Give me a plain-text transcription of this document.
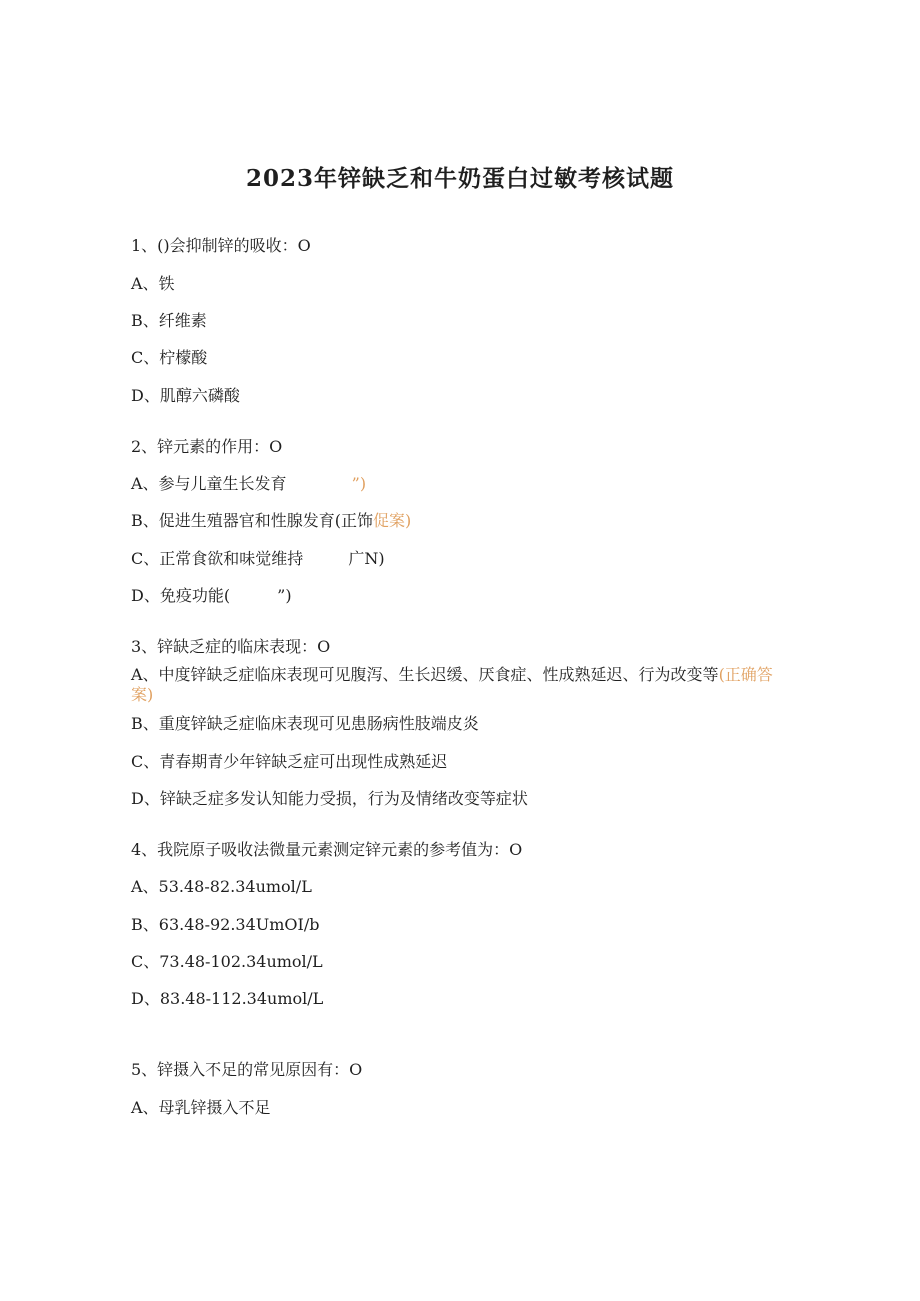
2023年锌缺乏和牛奶蛋白过敏考核试题
1、()会抑制锌的吸收：O
A、铁
B、纤维素
C、柠檬酸
D、肌醇六磷酸
2、锌元素的作用：O
A、参与儿童生长发育	”)
B、促进生殖器官和性腺发育(正饰促案)
C、正常食欲和味觉维持	广N)
D、免疫功能(	”)
3、锌缺乏症的临床表现：O
A、中度锌缺乏症临床表现可见腹泻、生长迟缓、厌食症、性成熟延迟、行为改变等(正确答案)
B、重度锌缺乏症临床表现可见患肠病性肢端皮炎
C、青春期青少年锌缺乏症可出现性成熟延迟
D、锌缺乏症多发认知能力受损，行为及情绪改变等症状
4、我院原子吸收法微量元素测定锌元素的参考值为：O
A、53.48-82.34umol/L
B、63.48-92.34UmOI/b
C、73.48-102.34umol/L
D、83.48-112.34umol/L
5、锌摄入不足的常见原因有：O
A、母乳锌摄入不足
